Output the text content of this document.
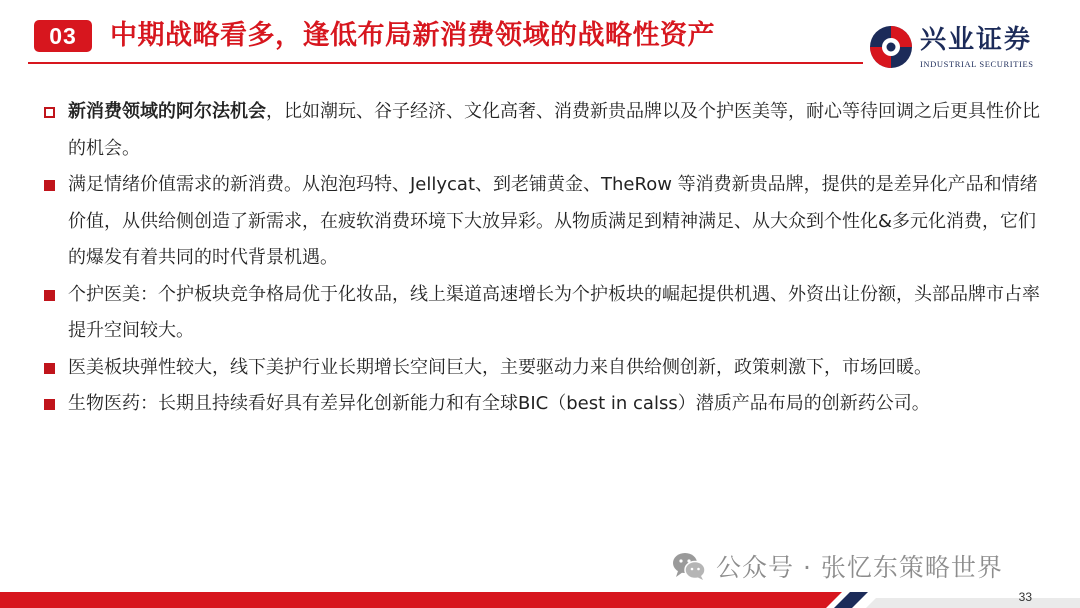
03	中期战略看多，逢低布局新消费领域的战略性资产	兴业证券
INDUSTRIAL SECURITIES
新消费领域的阿尔法机会，比如潮玩、谷子经济、文化高奢、消费新贵品牌以及个护医美等，耐心等待回调之后更具性价比的机会。
满足情绪价值需求的新消费。从泡泡玛特、Jellycat、到老铺黄金、TheRow 等消费新贵品牌，提供的是差异化产品和情绪价值，从供给侧创造了新需求，在疲软消费环境下大放异彩。从物质满足到精神满足、从大众到个性化&多元化消费，它们的爆发有着共同的时代背景机遇。
个护医美：个护板块竞争格局优于化妆品，线上渠道高速增长为个护板块的崛起提供机遇、外资出让份额，头部品牌市占率提升空间较大。
医美板块弹性较大，线下美护行业长期增长空间巨大，主要驱动力来自供给侧创新，政策刺激下，市场回暖。
生物医药：长期且持续看好具有差异化创新能力和有全球BIC（best in calss）潜质产品布局的创新药公司。
公众号 · 张忆东策略世界
33
